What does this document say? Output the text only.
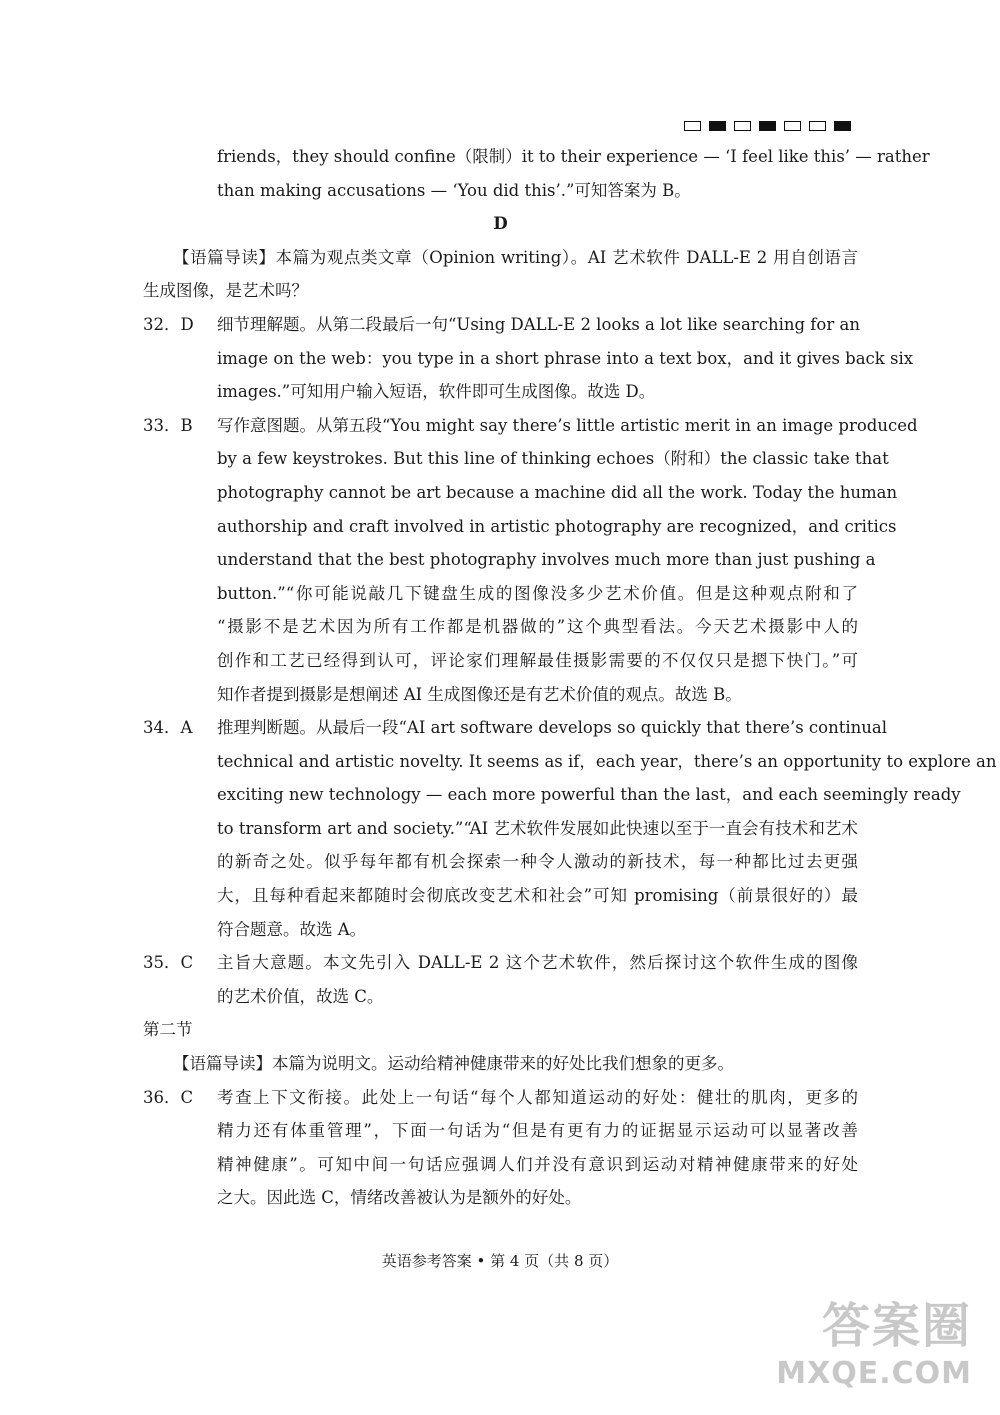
friends，they should confine（限制）it to their experience — ‘I feel like this’ — rather
than making accusations — ‘You did this’.”可知答案为 B。
D
【语篇导读】本篇为观点类文章（Opinion writing）。AI 艺术软件 DALL-E 2 用自创语言
生成图像，是艺术吗？
32．D	细节理解题。从第二段最后一句“Using DALL-E 2 looks a lot like searching for an
image on the web：you type in a short phrase into a text box，and it gives back six
images.”可知用户输入短语，软件即可生成图像。故选 D。
33．B	写作意图题。从第五段“You might say there’s little artistic merit in an image produced
by a few keystrokes. But this line of thinking echoes（附和）the classic take that
photography cannot be art because a machine did all the work. Today the human
authorship and craft involved in artistic photography are recognized，and critics
understand that the best photography involves much more than just pushing a
button.”“你可能说敲几下键盘生成的图像没多少艺术价值。但是这种观点附和了
“摄影不是艺术因为所有工作都是机器做的”这个典型看法。今天艺术摄影中人的
创作和工艺已经得到认可，评论家们理解最佳摄影需要的不仅仅只是摁下快门。”可
知作者提到摄影是想阐述 AI 生成图像还是有艺术价值的观点。故选 B。
34．A	推理判断题。从最后一段“AI art software develops so quickly that there’s continual
technical and artistic novelty. It seems as if，each year，there’s an opportunity to explore an
exciting new technology — each more powerful than the last，and each seemingly ready
to transform art and society.”“AI 艺术软件发展如此快速以至于一直会有技术和艺术
的新奇之处。似乎每年都有机会探索一种令人激动的新技术，每一种都比过去更强
大，且每种看起来都随时会彻底改变艺术和社会”可知 promising（前景很好的）最
符合题意。故选 A。
35．C	主旨大意题。本文先引入 DALL-E 2 这个艺术软件，然后探讨这个软件生成的图像
的艺术价值，故选 C。
第二节
【语篇导读】本篇为说明文。运动给精神健康带来的好处比我们想象的更多。
36．C	考查上下文衔接。此处上一句话“每个人都知道运动的好处：健壮的肌肉，更多的
精力还有体重管理”，下面一句话为“但是有更有力的证据显示运动可以显著改善
精神健康”。可知中间一句话应强调人们并没有意识到运动对精神健康带来的好处
之大。因此选 C，情绪改善被认为是额外的好处。
英语参考答案 • 第 4 页（共 8 页）
答案圈
MXQE.COM
